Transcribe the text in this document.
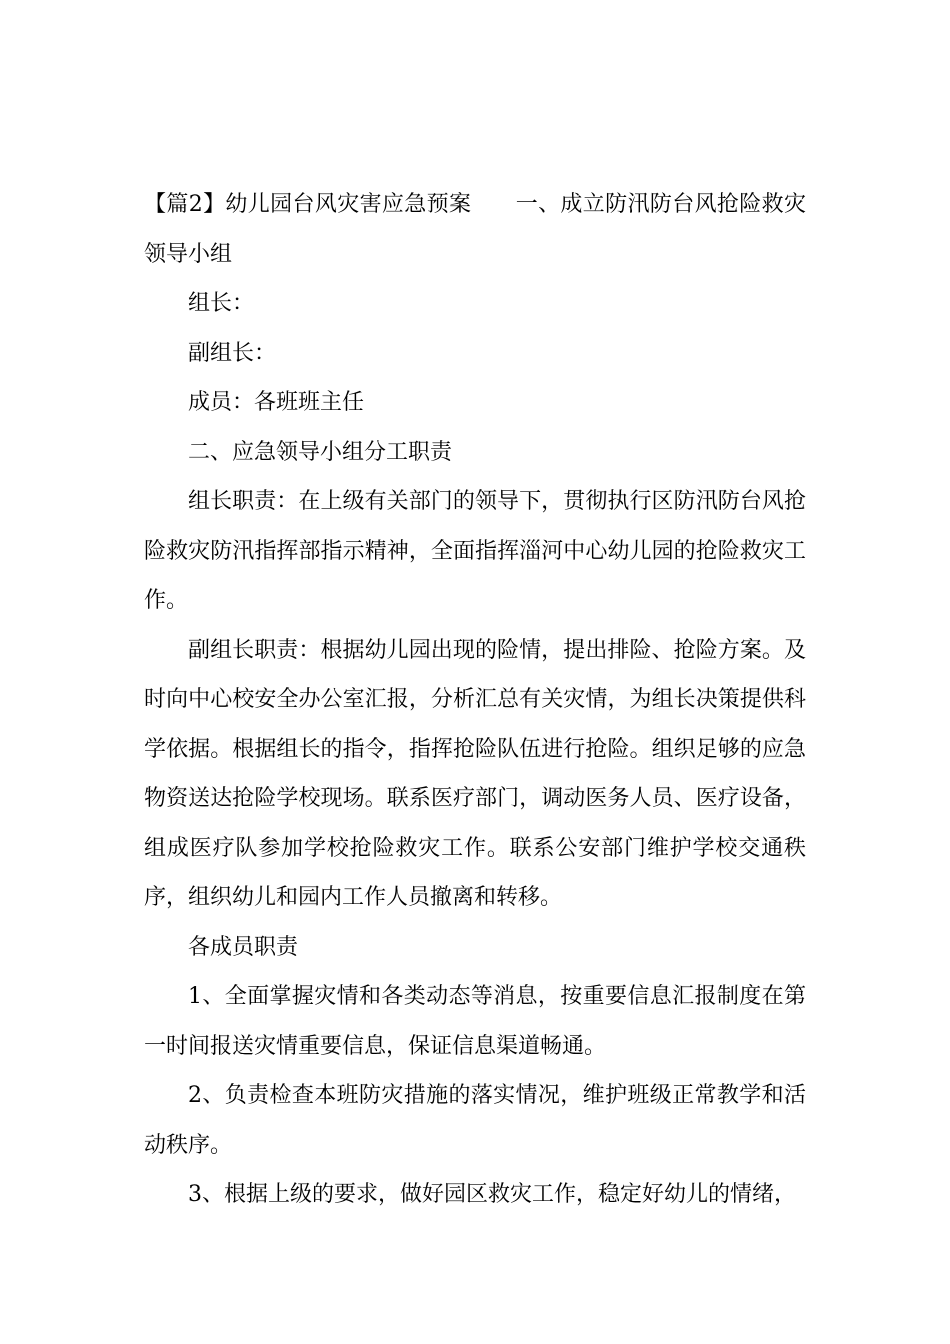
【篇2】幼儿园台风灾害应急预案 一、成立防汛防台风抢险救灾领导小组

组长：

副组长：

成员：各班班主任

二、应急领导小组分工职责

组长职责：在上级有关部门的领导下，贯彻执行区防汛防台风抢险救灾防汛指挥部指示精神，全面指挥淄河中心幼儿园的抢险救灾工作。

副组长职责：根据幼儿园出现的险情，提出排险、抢险方案。及时向中心校安全办公室汇报，分析汇总有关灾情，为组长决策提供科学依据。根据组长的指令，指挥抢险队伍进行抢险。组织足够的应急物资送达抢险学校现场。联系医疗部门，调动医务人员、医疗设备，组成医疗队参加学校抢险救灾工作。联系公安部门维护学校交通秩序，组织幼儿和园内工作人员撤离和转移。

各成员职责

1、全面掌握灾情和各类动态等消息，按重要信息汇报制度在第一时间报送灾情重要信息，保证信息渠道畅通。

2、负责检查本班防灾措施的落实情况，维护班级正常教学和活动秩序。

3、根据上级的要求，做好园区救灾工作，稳定好幼儿的情绪，
